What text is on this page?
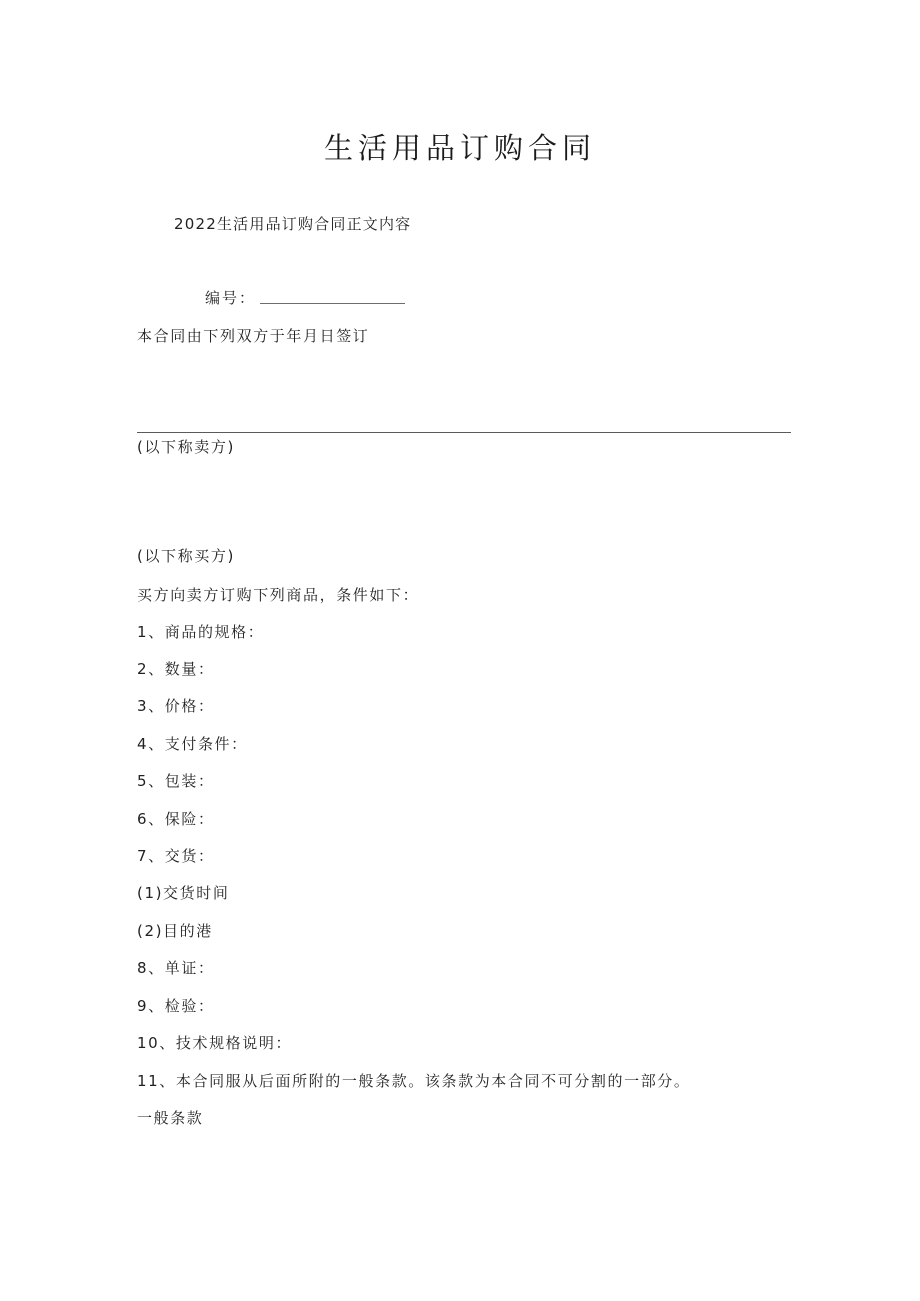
生活用品订购合同
2022生活用品订购合同正文内容
编号：
本合同由下列双方于年月日签订
(以下称卖方)
(以下称买方)
买方向卖方订购下列商品，条件如下：
1、商品的规格：
2、数量：
3、价格：
4、支付条件：
5、包装：
6、保险：
7、交货：
(1)交货时间
(2)目的港
8、单证：
9、检验：
10、技术规格说明：
11、本合同服从后面所附的一般条款。该条款为本合同不可分割的一部分。
一般条款
